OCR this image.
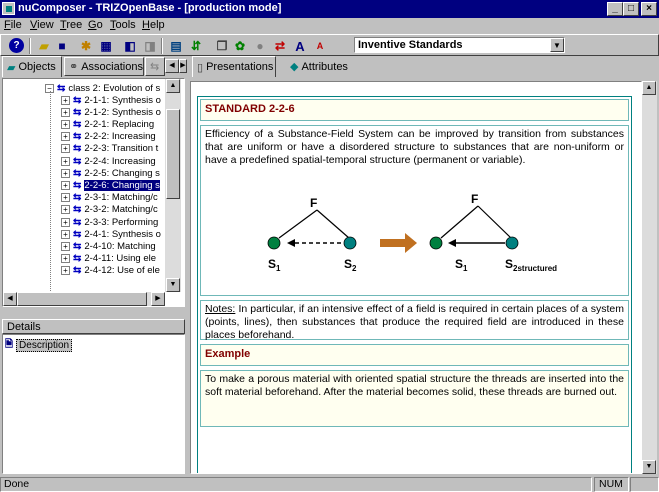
nuComposer - TRIZOpenBase - [production mode]	_	□	×
File View Tree Go Tools Help
?	▰ ■	✱ ▦ ◧ ◨ ▤ ⇵	❐ ✿ ● ⇄ A	A	Inventive Standards	▼
▰ Objects ⚭ Associations ⇆	◀ ▶
− ⇆ class 2: Evolution of s
+ ⇆ 2-1-1: Synthesis o
+ ⇆ 2-1-2: Synthesis o
+ ⇆ 2-2-1: Replacing
+ ⇆ 2-2-2: Increasing
+ ⇆ 2-2-3: Transition t
+ ⇆ 2-2-4: Increasing
+ ⇆ 2-2-5: Changing s
+ ⇆ 2-2-6: Changing s
+ ⇆ 2-3-1: Matching/c
+ ⇆ 2-3-2: Matching/c
+ ⇆ 2-3-3: Performing
+ ⇆ 2-4-1: Synthesis o
+ ⇆ 2-4-10: Matching
+ ⇆ 2-4-11: Using ele
+ ⇆ 2-4-12: Use of ele
▲
▼
◀	▶
Details
🗎 Description
▯ Presentations ◆ Attributes
STANDARD 2-2-6
Efficiency of a Substance-Field System can be improved by transition from substances that are uniform or have a disordered structure to substances that are non-uniform or have a predefined spatial-temporal structure (permanent or variable).
F
$S_1$	$S_2$
F
$S_1$	$S_{2structured}$
Notes: In particular, if an intensive effect of a field is required in certain places of a system (points, lines), then substances that produce the required field are introduced in these places beforehand.
Example
To make a porous material with oriented spatial structure the threads are inserted into the soft material beforehand. After the material becomes solid, these threads are burned out.
▲
▼
Done	NUM
